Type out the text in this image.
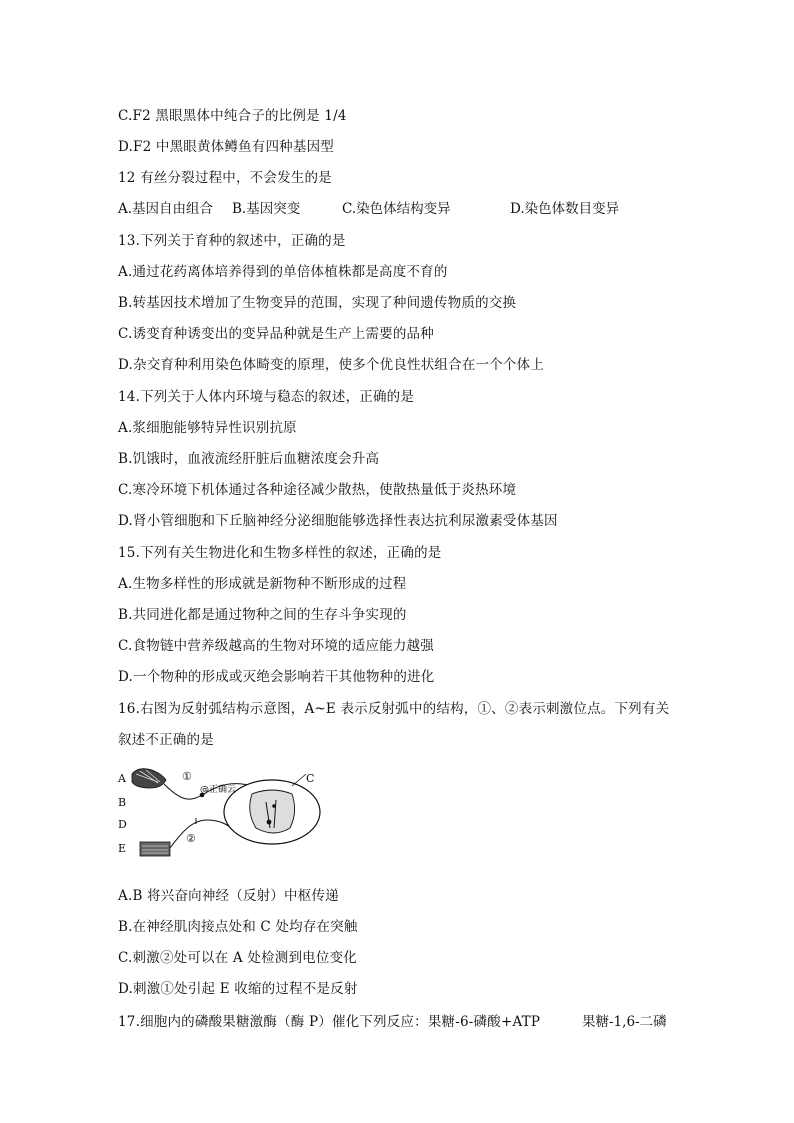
C.F2 黑眼黑体中纯合子的比例是 1/4
D.F2 中黑眼黄体鳟鱼有四种基因型
12 有丝分裂过程中，不会发生的是
A.基因自由组合 B.基因突变	C.染色体结构变异	D.染色体数目变异
13.下列关于育种的叙述中，正确的是
A.通过花药离体培养得到的单倍体植株都是高度不育的
B.转基因技术增加了生物变异的范围，实现了种间遗传物质的交换
C.诱变育种诱变出的变异品种就是生产上需要的品种
D.杂交育种利用染色体畸变的原理，使多个优良性状组合在一个个体上
14.下列关于人体内环境与稳态的叙述，正确的是
A.浆细胞能够特异性识别抗原
B.饥饿时，血液流经肝脏后血糖浓度会升高
C.寒冷环境下机体通过各种途径减少散热，使散热量低于炎热环境
D.肾小管细胞和下丘脑神经分泌细胞能够选择性表达抗利尿激素受体基因
15.下列有关生物进化和生物多样性的叙述，正确的是
A.生物多样性的形成就是新物种不断形成的过程
B.共同进化都是通过物种之间的生存斗争实现的
C.食物链中营养级越高的生物对环境的适应能力越强
D.一个物种的形成或灭绝会影响若干其他物种的进化
16.右图为反射弧结构示意图，A~E 表示反射弧中的结构，①、②表示刺激位点。下列有关
叙述不正确的是
A
B
D
E
C
①
②
@正确云
A.B 将兴奋向神经（反射）中枢传递
B.在神经肌肉接点处和 C 处均存在突触
C.刺激②处可以在 A 处检测到电位变化
D.刺激①处引起 E 收缩的过程不是反射
17.细胞内的磷酸果糖激酶（酶 P）催化下列反应：果糖-6-磷酸+ATP	果糖-1,6-二磷
